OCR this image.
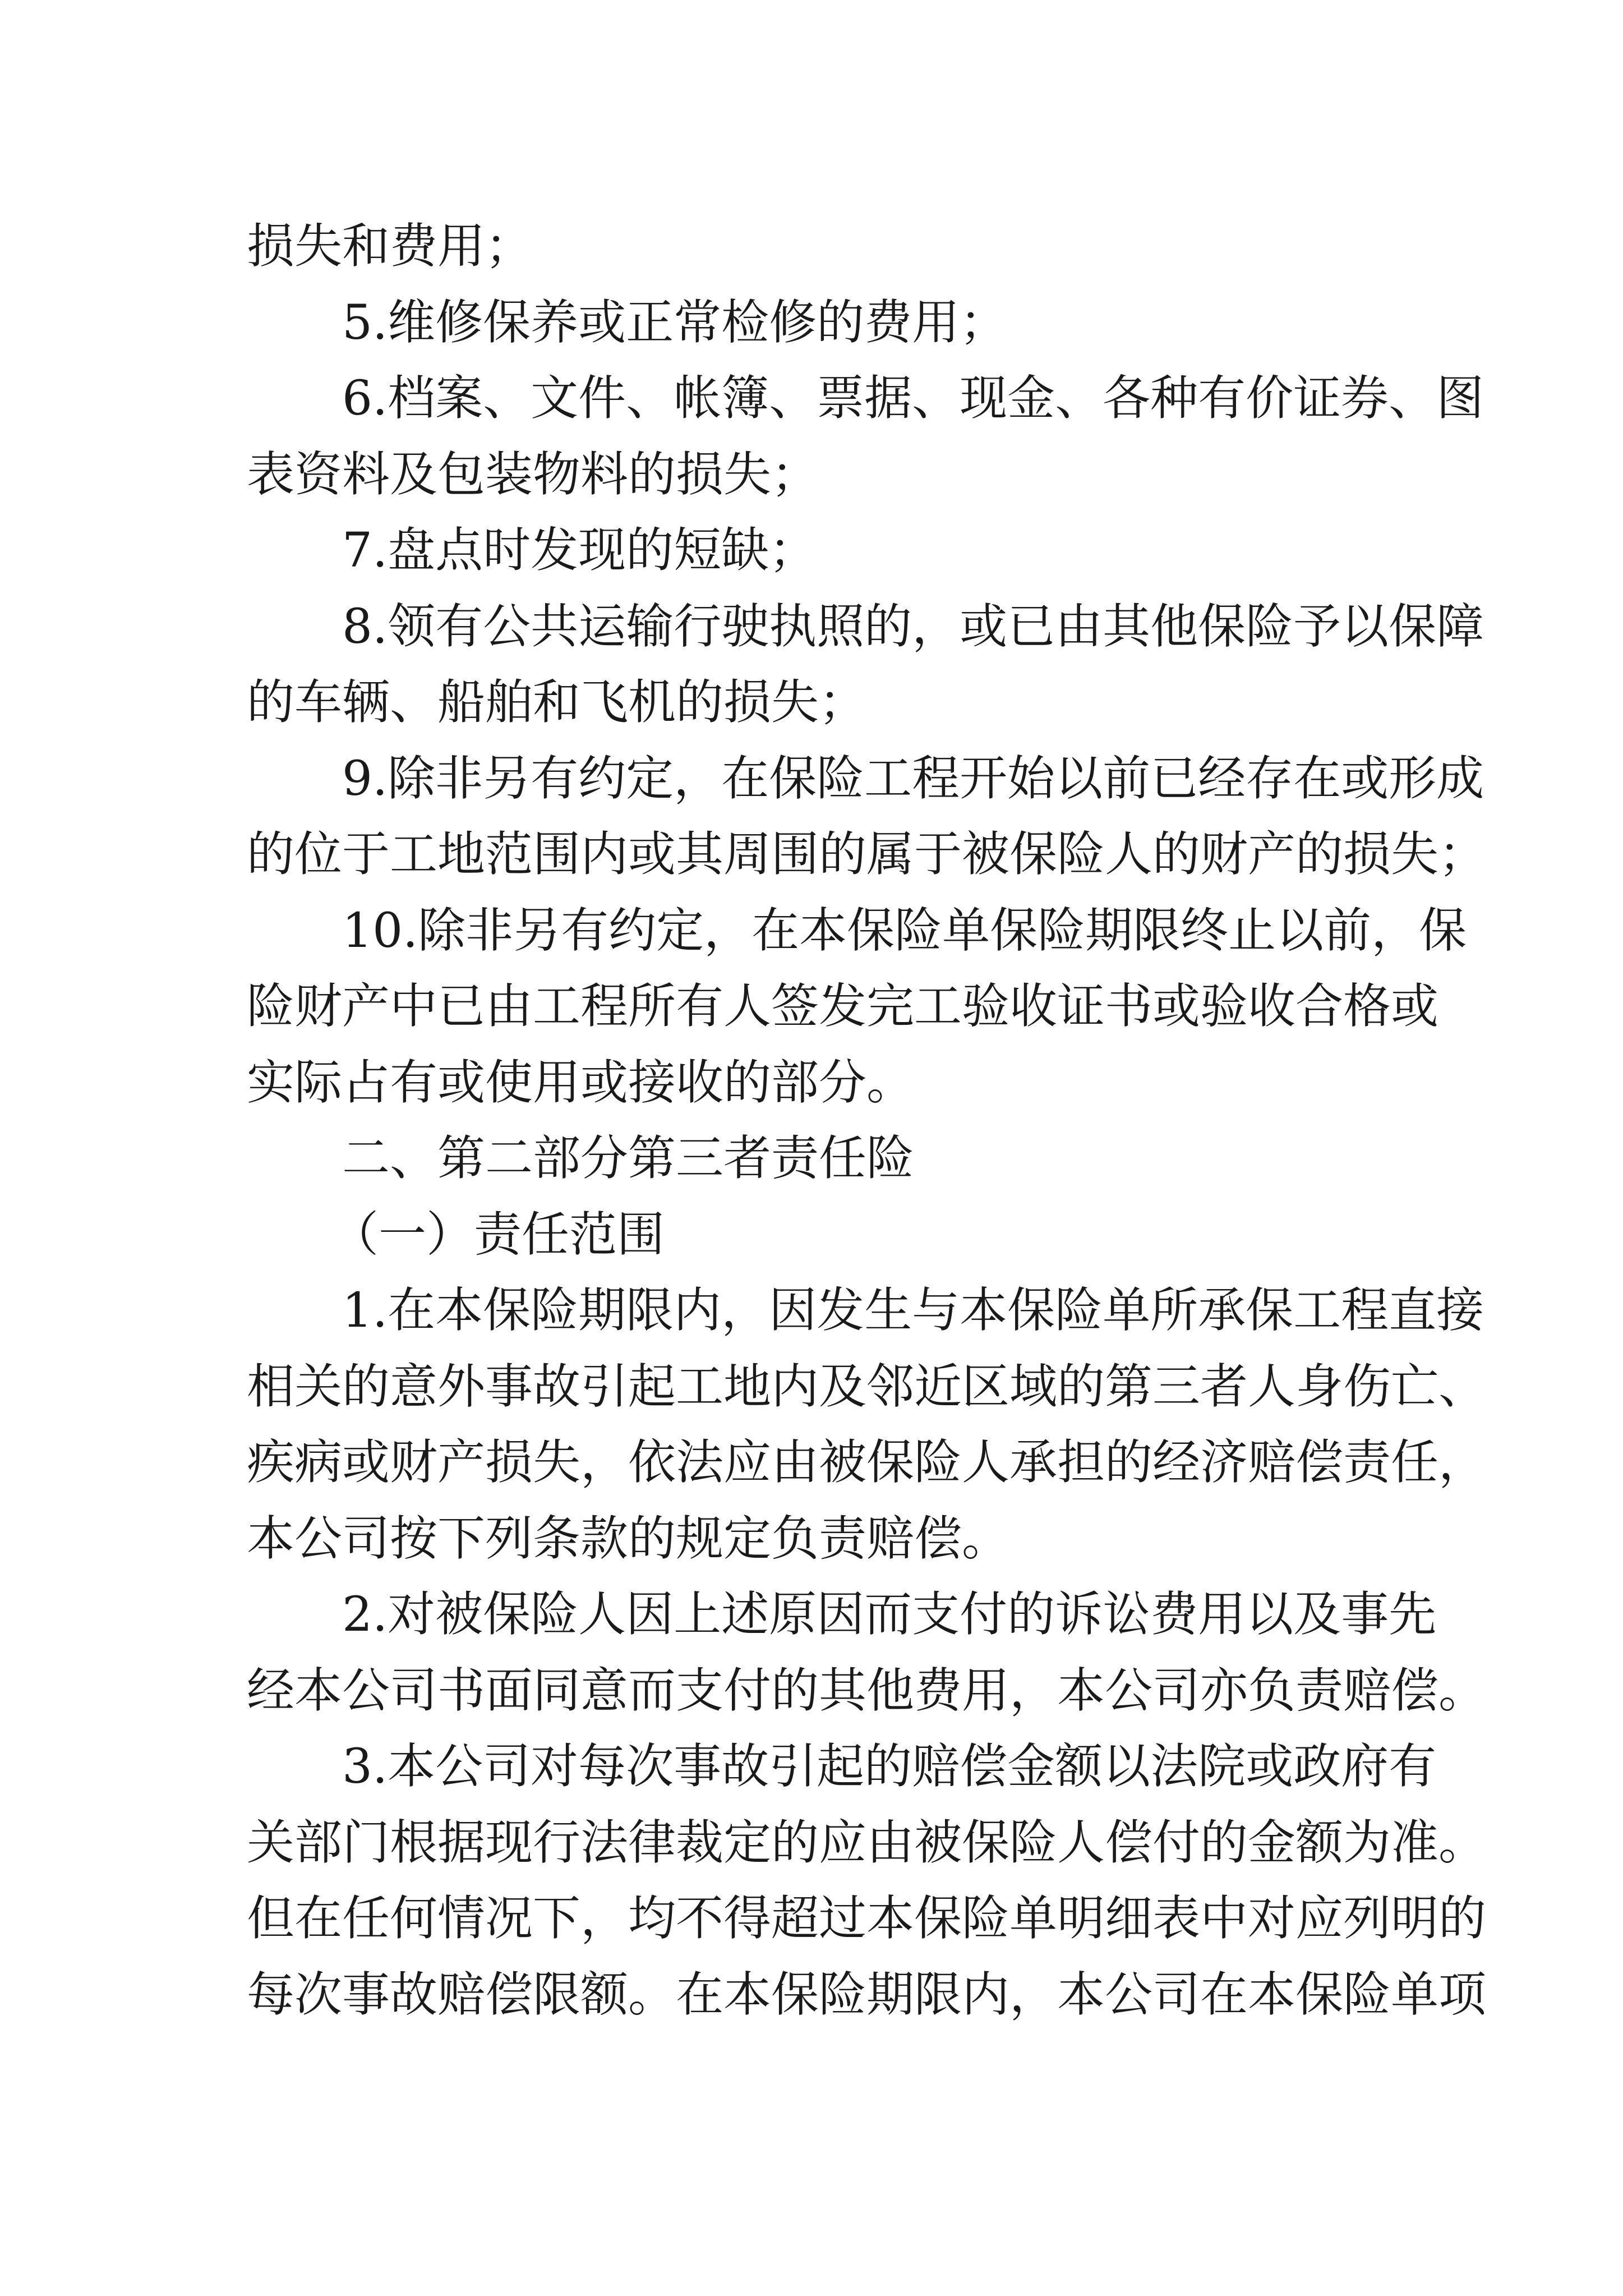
损失和费用；
5.维修保养或正常检修的费用；
6.档案、文件、帐簿、票据、现金、各种有价证券、图
表资料及包装物料的损失；
7.盘点时发现的短缺；
8.领有公共运输行驶执照的，或已由其他保险予以保障
的车辆、船舶和飞机的损失；
9.除非另有约定，在保险工程开始以前已经存在或形成
的位于工地范围内或其周围的属于被保险人的财产的损失；
10.除非另有约定，在本保险单保险期限终止以前，保
险财产中已由工程所有人签发完工验收证书或验收合格或
实际占有或使用或接收的部分。
二、第二部分第三者责任险
（一）责任范围
1.在本保险期限内，因发生与本保险单所承保工程直接
相关的意外事故引起工地内及邻近区域的第三者人身伤亡、
疾病或财产损失，依法应由被保险人承担的经济赔偿责任，
本公司按下列条款的规定负责赔偿。
2.对被保险人因上述原因而支付的诉讼费用以及事先
经本公司书面同意而支付的其他费用，本公司亦负责赔偿。
3.本公司对每次事故引起的赔偿金额以法院或政府有
关部门根据现行法律裁定的应由被保险人偿付的金额为准。
但在任何情况下，均不得超过本保险单明细表中对应列明的
每次事故赔偿限额。在本保险期限内，本公司在本保险单项
